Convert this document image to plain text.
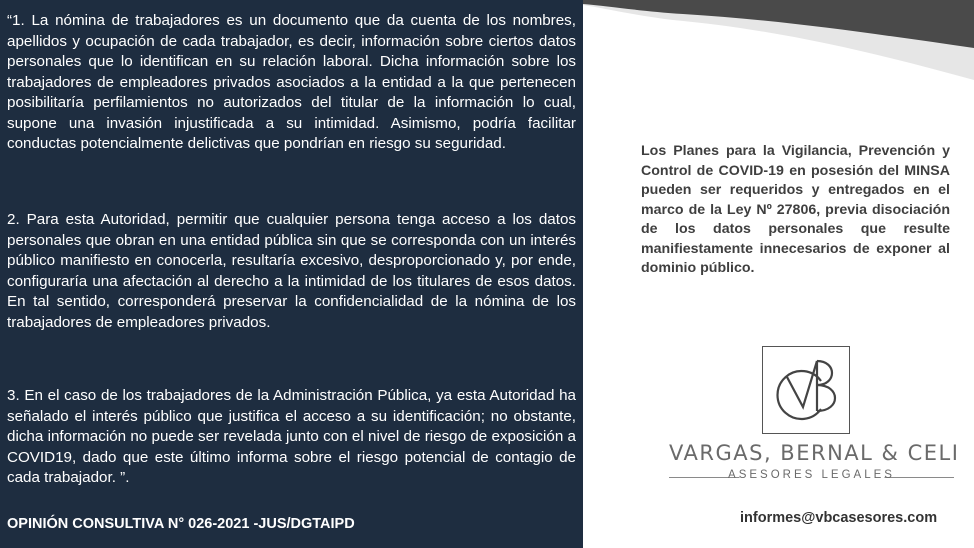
“1. La nómina de trabajadores es un documento que da cuenta de los nombres, apellidos y ocupación de cada trabajador, es decir, información sobre ciertos datos personales que lo identifican en su relación laboral. Dicha información sobre los trabajadores de empleadores privados asociados a la entidad a la que pertenecen posibilitaría perfilamientos no autorizados del titular de la información lo cual, supone una invasión injustificada a su intimidad. Asimismo, podría facilitar conductas potencialmente delictivas que pondrían en riesgo su seguridad.

2. Para esta Autoridad, permitir que cualquier persona tenga acceso a los datos personales que obran en una entidad pública sin que se corresponda con un interés público manifiesto en conocerla, resultaría excesivo, desproporcionado y, por ende, configuraría una afectación al derecho a la intimidad de los titulares de esos datos. En tal sentido, corresponderá preservar la confidencialidad de la nómina de los trabajadores de empleadores privados.

3. En el caso de los trabajadores de la Administración Pública, ya esta Autoridad ha señalado el interés público que justifica el acceso a su identificación; no obstante, dicha información no puede ser revelada junto con el nivel de riesgo de exposición a COVID19, dado que este último informa sobre el riesgo potencial de contagio de cada trabajador. ”.

OPINIÓN CONSULTIVA N° 026-2021 -JUS/DGTAIPD

Los Planes para la Vigilancia, Prevención y Control de COVID-19 en posesión del MINSA pueden ser requeridos y entregados en el marco de la Ley Nº 27806, previa disociación de los datos personales que resulte manifiestamente innecesarios de exponer al dominio público.

VARGAS, BERNAL & CELI
ASESORES LEGALES
informes@vbcasesores.com
